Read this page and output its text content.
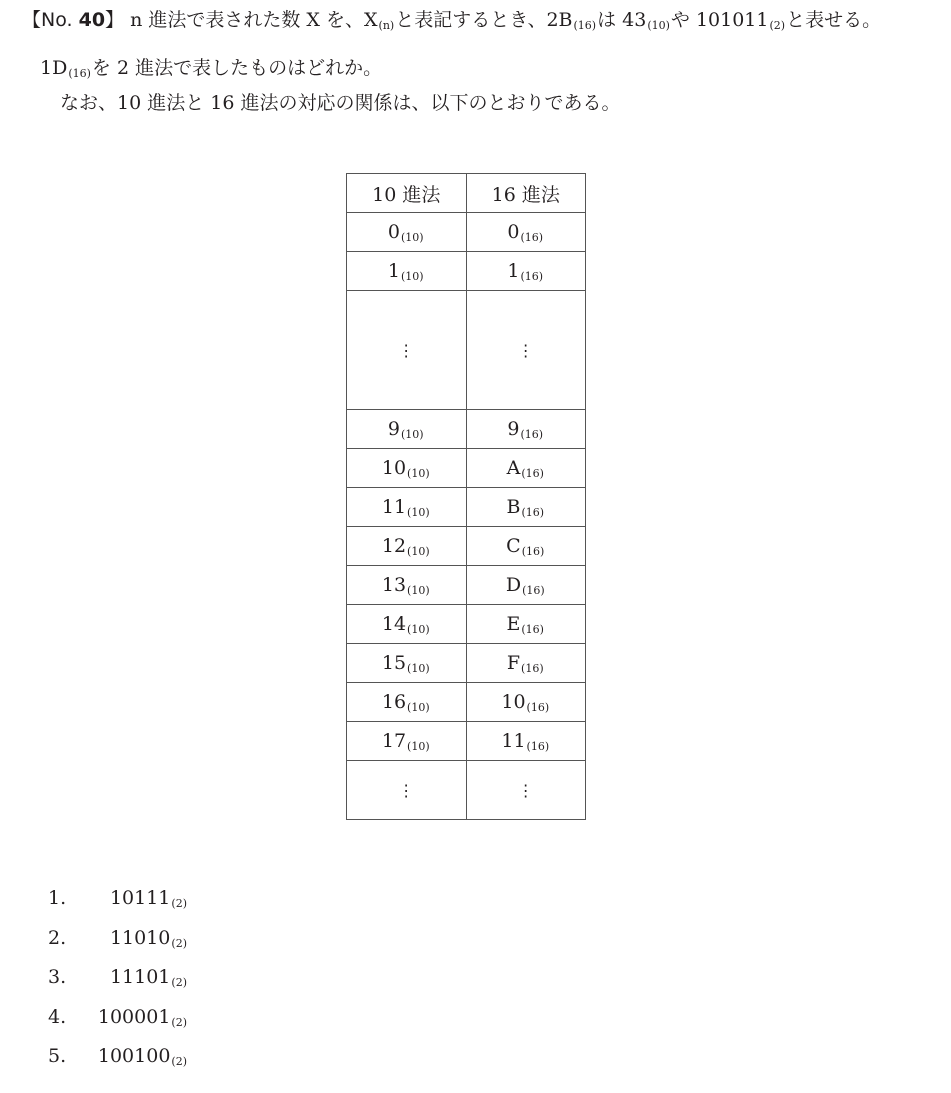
【No. 40】 n 進法で表された数 X を、$X_{(n)}$と表記するとき、$2B_{(16)}$は $43_{(10)}$や $101011_{(2)}$と表せる。
$1D_{(16)}$を 2 進法で表したものはどれか。
なお、10 進法と 16 進法の対応の関係は、以下のとおりである。
10 進法	16 進法
$0_{(10)}$	$0_{(16)}$
$1_{(10)}$	$1_{(16)}$
⋮	⋮
$9_{(10)}$	$9_{(16)}$
$10_{(10)}$	$A_{(16)}$
$11_{(10)}$	$B_{(16)}$
$12_{(10)}$	$C_{(16)}$
$13_{(10)}$	$D_{(16)}$
$14_{(10)}$	$E_{(16)}$
$15_{(10)}$	$F_{(16)}$
$16_{(10)}$	$10_{(16)}$
$17_{(10)}$	$11_{(16)}$
⋮	⋮
1.	$10111_{(2)}$
2.	$11010_{(2)}$
3.	$11101_{(2)}$
4.	$100001_{(2)}$
5.	$100100_{(2)}$
